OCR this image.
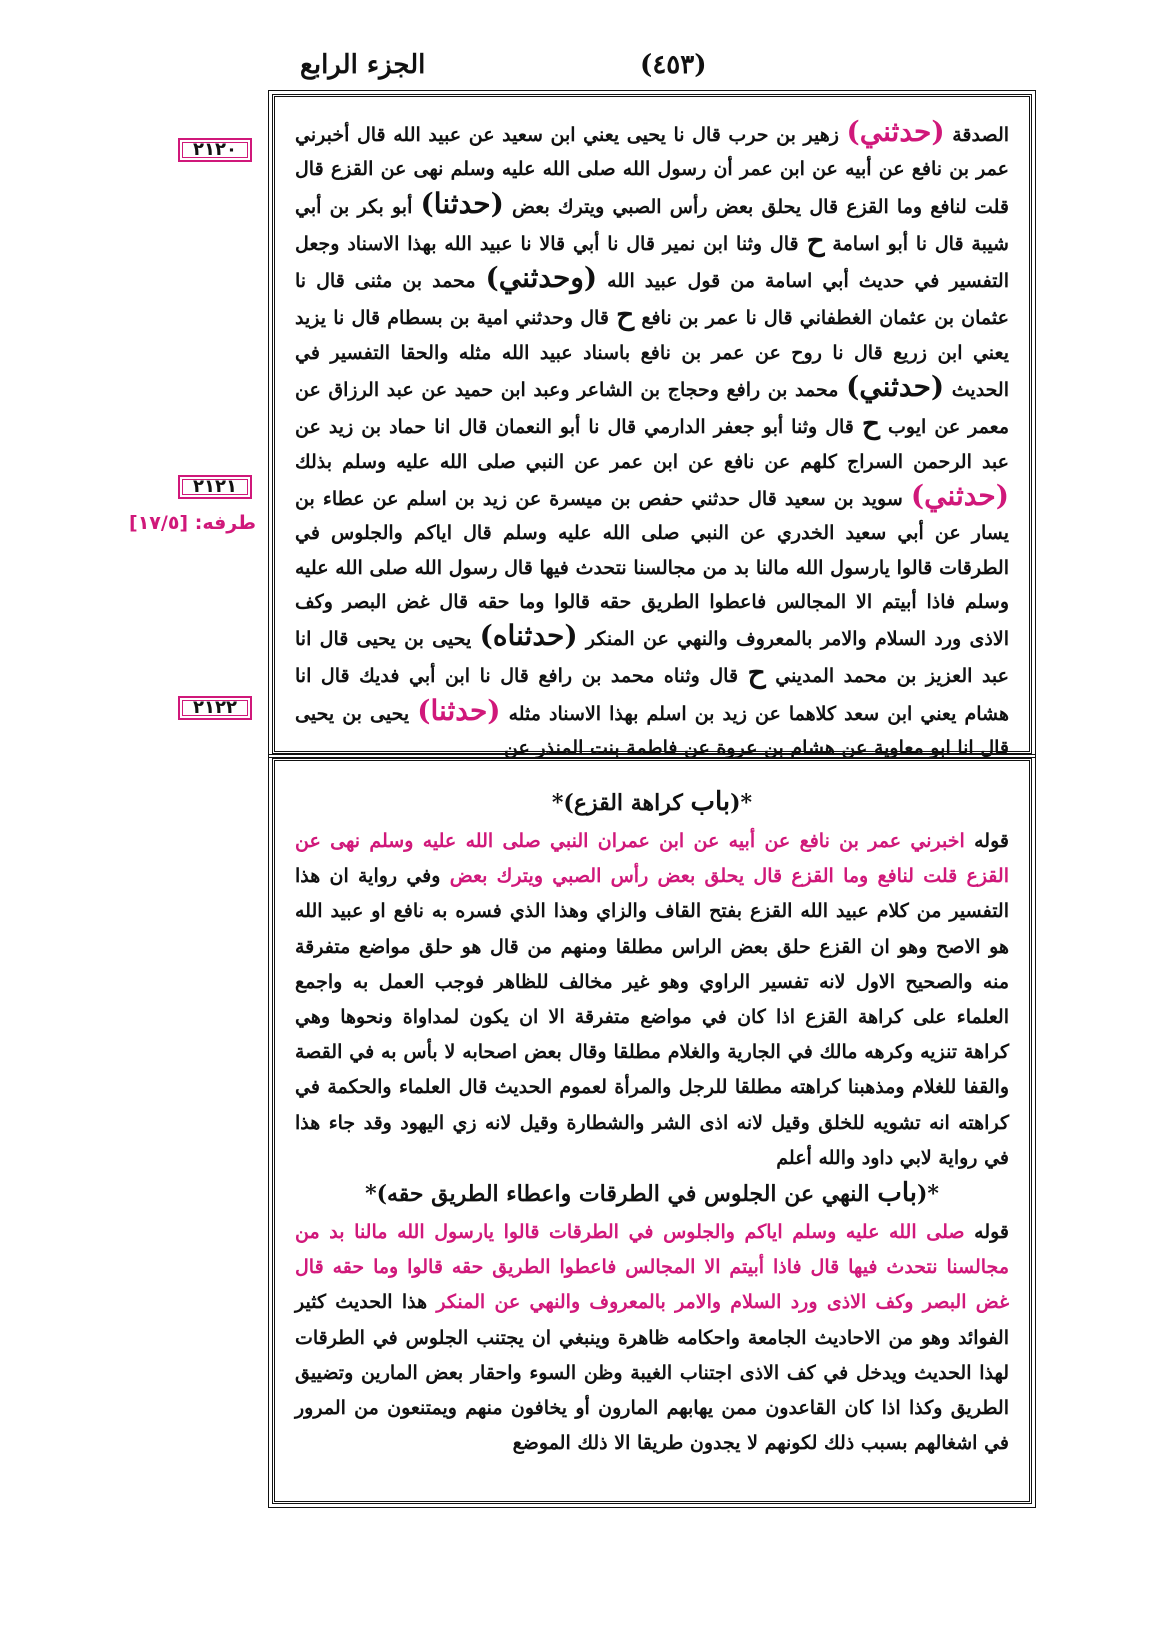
الجزء الرابع	(٤٥٣)
٢١٢٠
٢١٢١
طرفه: [١٧/٥]
٢١٢٢

الصدقة (حدثني) زهير بن حرب قال نا يحيى يعني ابن سعيد عن عبيد الله قال أخبرني عمر بن نافع عن أبيه عن ابن عمر أن رسول الله صلى الله عليه وسلم نهى عن القزع قال قلت لنافع وما القزع قال يحلق بعض رأس الصبي ويترك بعض (حدثنا) أبو بكر بن أبي شيبة قال نا أبو اسامة ح قال وثنا ابن نمير قال نا أبي قالا نا عبيد الله بهذا الاسناد وجعل التفسير في حديث أبي اسامة من قول عبيد الله (وحدثني) محمد بن مثنى قال نا عثمان بن عثمان الغطفاني قال نا عمر بن نافع ح قال وحدثني امية بن بسطام قال نا يزيد يعني ابن زريع قال نا روح عن عمر بن نافع باسناد عبيد الله مثله والحقا التفسير في الحديث (حدثني) محمد بن رافع وحجاج بن الشاعر وعبد ابن حميد عن عبد الرزاق عن معمر عن ايوب ح قال وثنا أبو جعفر الدارمي قال نا أبو النعمان قال انا حماد بن زيد عن عبد الرحمن السراج كلهم عن نافع عن ابن عمر عن النبي صلى الله عليه وسلم بذلك (حدثني) سويد بن سعيد قال حدثني حفص بن ميسرة عن زيد بن اسلم عن عطاء بن يسار عن أبي سعيد الخدري عن النبي صلى الله عليه وسلم قال اياكم والجلوس في الطرقات قالوا يارسول الله مالنا بد من مجالسنا نتحدث فيها قال رسول الله صلى الله عليه وسلم فاذا أبيتم الا المجالس فاعطوا الطريق حقه قالوا وما حقه قال غض البصر وكف الاذى ورد السلام والامر بالمعروف والنهي عن المنكر (حدثناه) يحيى بن يحيى قال انا عبد العزيز بن محمد المديني ح قال وثناه محمد بن رافع قال نا ابن أبي فديك قال انا هشام يعني ابن سعد كلاهما عن زيد بن اسلم بهذا الاسناد مثله (حدثنا) يحيى بن يحيى قال انا ابو معاوية عن هشام بن عروة عن فاطمة بنت المنذر عن

*(باب كراهة القزع)*

قوله اخبرني عمر بن نافع عن أبيه عن ابن عمران النبي صلى الله عليه وسلم نهى عن القزع قلت لنافع وما القزع قال يحلق بعض رأس الصبي ويترك بعض وفي رواية ان هذا التفسير من كلام عبيد الله القزع بفتح القاف والزاي وهذا الذي فسره به نافع او عبيد الله هو الاصح وهو ان القزع حلق بعض الراس مطلقا ومنهم من قال هو حلق مواضع متفرقة منه والصحيح الاول لانه تفسير الراوي وهو غير مخالف للظاهر فوجب العمل به واجمع العلماء على كراهة القزع اذا كان في مواضع متفرقة الا ان يكون لمداواة ونحوها وهي كراهة تنزيه وكرهه مالك في الجارية والغلام مطلقا وقال بعض اصحابه لا بأس به في القصة والقفا للغلام ومذهبنا كراهته مطلقا للرجل والمرأة لعموم الحديث قال العلماء والحكمة في كراهته انه تشويه للخلق وقيل لانه اذى الشر والشطارة وقيل لانه زي اليهود وقد جاء هذا في رواية لابي داود والله أعلم

*(باب النهي عن الجلوس في الطرقات واعطاء الطريق حقه)*

قوله صلى الله عليه وسلم اياكم والجلوس في الطرقات قالوا يارسول الله مالنا بد من مجالسنا نتحدث فيها قال فاذا أبيتم الا المجالس فاعطوا الطريق حقه قالوا وما حقه قال غض البصر وكف الاذى ورد السلام والامر بالمعروف والنهي عن المنكر هذا الحديث كثير الفوائد وهو من الاحاديث الجامعة واحكامه ظاهرة وينبغي ان يجتنب الجلوس في الطرقات لهذا الحديث ويدخل في كف الاذى اجتناب الغيبة وظن السوء واحقار بعض المارين وتضييق الطريق وكذا اذا كان القاعدون ممن يهابهم المارون أو يخافون منهم ويمتنعون من المرور في اشغالهم بسبب ذلك لكونهم لا يجدون طريقا الا ذلك الموضع
